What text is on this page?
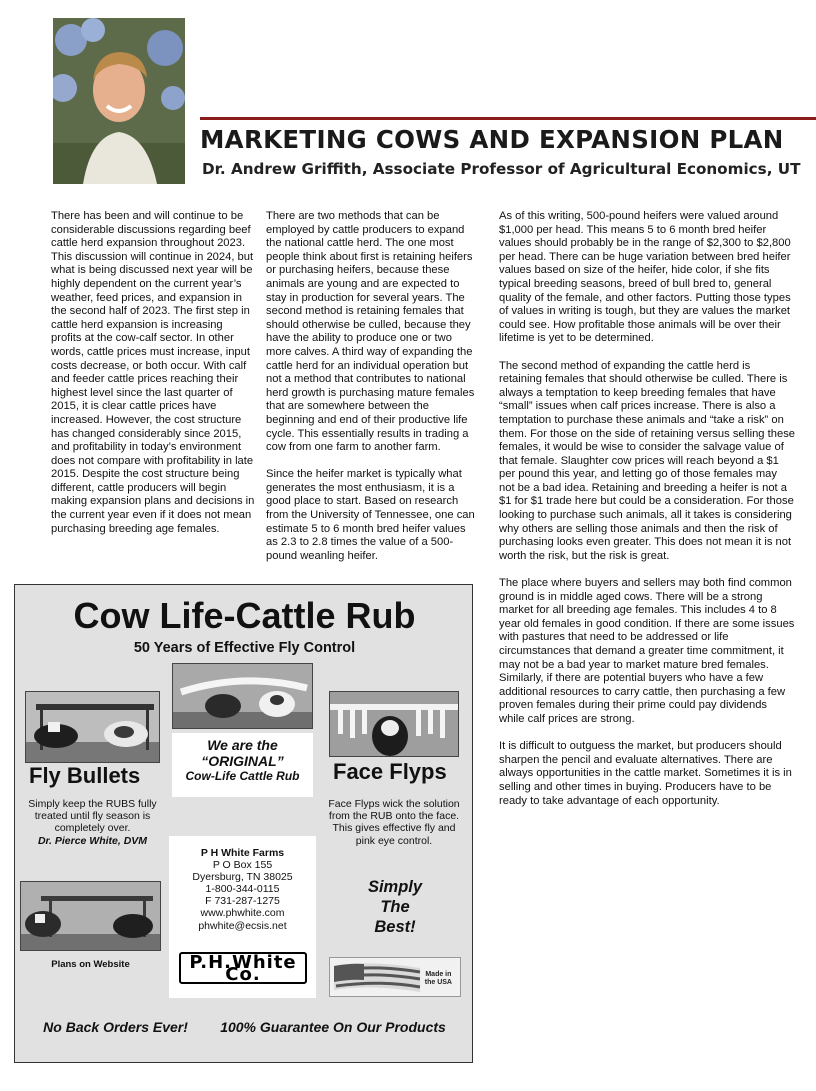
MARKETING COWS AND EXPANSION PLAN
Dr. Andrew Griffith, Associate Professor of Agricultural Economics, UT

There has been and will continue to be considerable discussions regarding beef cattle herd expansion throughout 2023. This discussion will continue in 2024, but what is being discussed next year will be highly dependent on the current year’s weather, feed prices, and expansion in the second half of 2023. The first step in cattle herd expansion is increasing profits at the cow-calf sector. In other words, cattle prices must increase, input costs decrease, or both occur. With calf and feeder cattle prices reaching their highest level since the last quarter of 2015, it is clear cattle prices have increased. However, the cost structure has changed considerably since 2015, and profitability in today’s environment does not compare with profitability in late 2015. Despite the cost structure being different, cattle producers will begin making expansion plans and decisions in the current year even if it does not mean purchasing breeding age females.

There are two methods that can be employed by cattle producers to expand the national cattle herd. The one most people think about first is retaining heifers or purchasing heifers, because these animals are young and are expected to stay in production for several years. The second method is retaining females that should otherwise be culled, because they have the ability to produce one or two more calves. A third way of expanding the cattle herd for an individual operation but not a method that contributes to national herd growth is purchasing mature females that are somewhere between the beginning and end of their productive life cycle. This essentially results in trading a cow from one farm to another farm.

Since the heifer market is typically what generates the most enthusiasm, it is a good place to start. Based on research from the University of Tennessee, one can estimate 5 to 6 month bred heifer values as 2.3 to 2.8 times the value of a 500-pound weanling heifer.

As of this writing, 500-pound heifers were valued around $1,000 per head. This means 5 to 6 month bred heifer values should probably be in the range of $2,300 to $2,800 per head. There can be huge variation between bred heifer values based on size of the heifer, hide color, if she fits typical breeding seasons, breed of bull bred to, general quality of the female, and other factors. Putting those types of values in writing is tough, but they are values the market could see. How profitable those animals will be over their lifetime is yet to be determined.

The second method of expanding the cattle herd is retaining females that should otherwise be culled. There is always a temptation to keep breeding females that have “small” issues when calf prices increase. There is also a temptation to purchase these animals and “take a risk” on them. For those on the side of retaining versus selling these females, it would be wise to consider the salvage value of that female. Slaughter cow prices will reach beyond a $1 per pound this year, and letting go of those females may not be a bad idea. Retaining and breeding a heifer is not a $1 for $1 trade here but could be a consideration. For those looking to purchase such animals, all it takes is considering why others are selling those animals and then the risk of purchasing looks even greater. This does not mean it is not worth the risk, but the risk is great.

The place where buyers and sellers may both find common ground is in middle aged cows. There will be a strong market for all breeding age females. This includes 4 to 8 year old females in good condition. If there are some issues with pastures that need to be addressed or life circumstances that demand a greater time commitment, it may not be a bad year to market mature bred females. Similarly, if there are potential buyers who have a few additional resources to carry cattle, then purchasing a few proven females during their prime could pay dividends while calf prices are strong.

It is difficult to outguess the market, but producers should sharpen the pencil and evaluate alternatives. There are always opportunities in the cattle market. Sometimes it is in selling and other times in buying. Producers have to be ready to take advantage of each opportunity.

Cow Life-Cattle Rub
50 Years of Effective Fly Control
We are the
“ORIGINAL”
Cow-Life Cattle Rub
Fly Bullets
Simply keep the RUBS fully treated until fly season is completely over.
Dr. Pierce White, DVM
Face Flyps
Face Flyps wick the solution from the RUB onto the face. This gives effective fly and pink eye control.
P H White Farms
P O Box 155
Dyersburg, TN 38025
1-800-344-0115
F 731-287-1275
www.phwhite.com
phwhite@ecsis.net
P.H.White Co.
Simply
The
Best!
Plans on Website
Made in
the USA
No Back Orders Ever! 100% Guarantee On Our Products
